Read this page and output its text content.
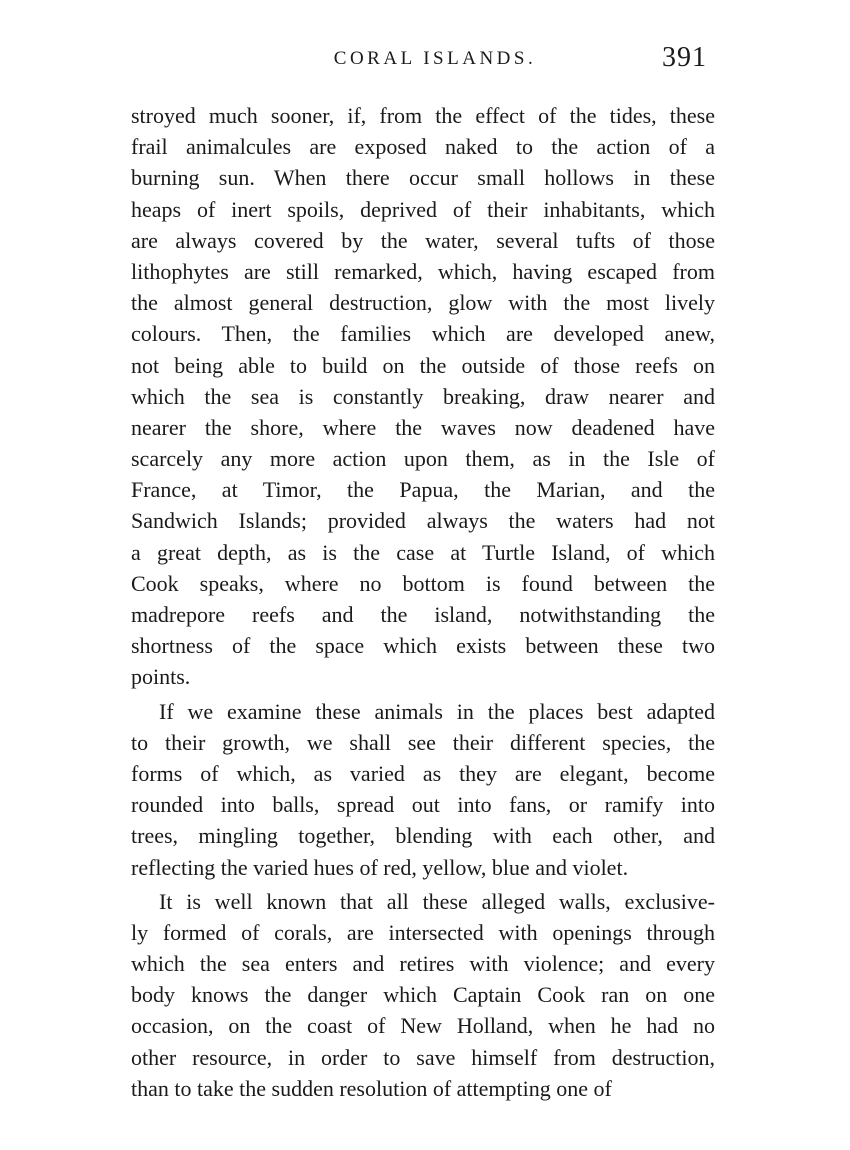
CORAL ISLANDS.	391
stroyed much sooner, if, from the effect of the tides, these
frail animalcules are exposed naked to the action of a
burning sun. When there occur small hollows in these
heaps of inert spoils, deprived of their inhabitants, which
are always covered by the water, several tufts of those
lithophytes are still remarked, which, having escaped from
the almost general destruction, glow with the most lively
colours. Then, the families which are developed anew,
not being able to build on the outside of those reefs on
which the sea is constantly breaking, draw nearer and
nearer the shore, where the waves now deadened have
scarcely any more action upon them, as in the Isle of
France, at Timor, the Papua, the Marian, and the
Sandwich Islands; provided always the waters had not
a great depth, as is the case at Turtle Island, of which
Cook speaks, where no bottom is found between the
madrepore reefs and the island, notwithstanding the
shortness of the space which exists between these two
points.
If we examine these animals in the places best adapted
to their growth, we shall see their different species, the
forms of which, as varied as they are elegant, become
rounded into balls, spread out into fans, or ramify into
trees, mingling together, blending with each other, and
reflecting the varied hues of red, yellow, blue and violet.
It is well known that all these alleged walls, exclusive-
ly formed of corals, are intersected with openings through
which the sea enters and retires with violence; and every
body knows the danger which Captain Cook ran on one
occasion, on the coast of New Holland, when he had no
other resource, in order to save himself from destruction,
than to take the sudden resolution of attempting one of
